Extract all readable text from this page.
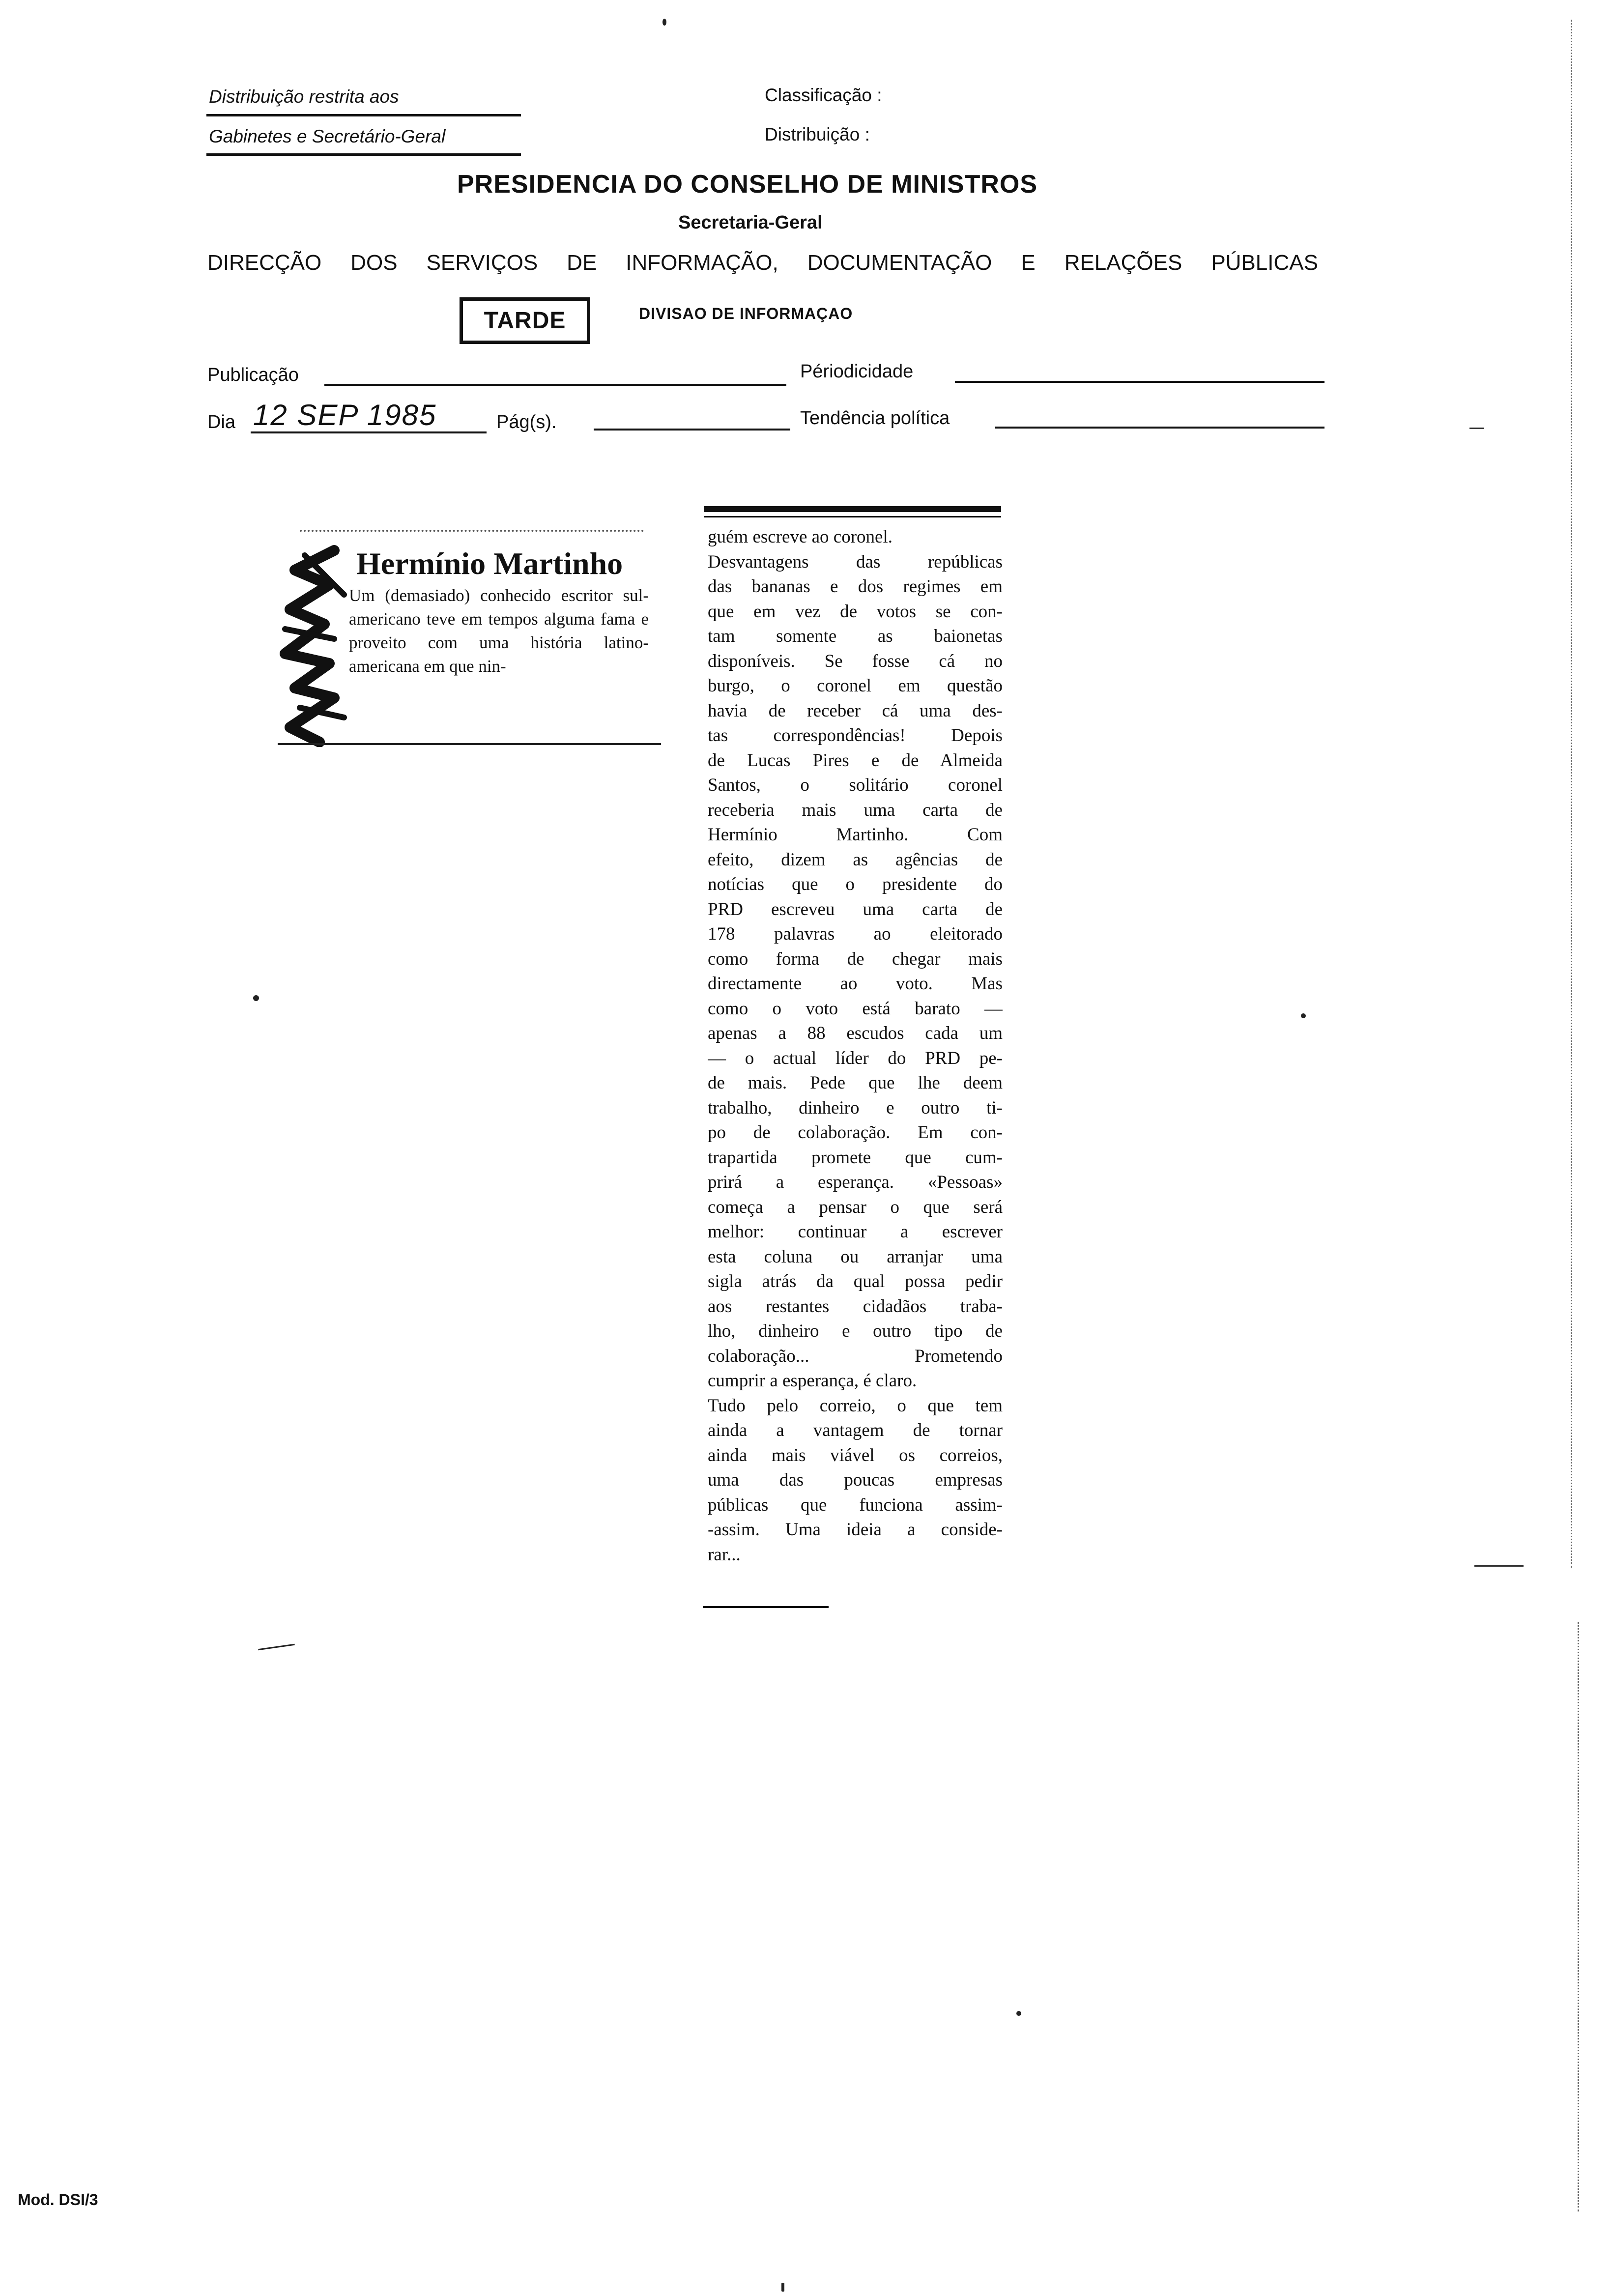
Distribuição restrita aos
Gabinetes e Secretário-Geral
Classificação :
Distribuição :
PRESIDENCIA DO CONSELHO DE MINISTROS
Secretaria-Geral
DIRECÇÃO DOS SERVIÇOS DE INFORMAÇÃO, DOCUMENTAÇÃO E RELAÇÕES PÚBLICAS
TARDE	DIVISAO DE INFORMAÇAO
Publicação	Périodicidade
Dia 12 SEP 1985	Pág(s).	Tendência política
Hermínio Martinho
Um (demasiado) conhecido escritor sul-americano teve em tempos alguma fama e proveito com uma história latino-americana em que nin-
guém escreve ao coronel.
Desvantagens das repúblicas
das bananas e dos regimes em
que em vez de votos se con-
tam somente as baionetas
disponíveis. Se fosse cá no
burgo, o coronel em questão
havia de receber cá uma des-
tas correspondências! Depois
de Lucas Pires e de Almeida
Santos, o solitário coronel
receberia mais uma carta de
Hermínio Martinho. Com
efeito, dizem as agências de
notícias que o presidente do
PRD escreveu uma carta de
178 palavras ao eleitorado
como forma de chegar mais
directamente ao voto. Mas
como o voto está barato —
apenas a 88 escudos cada um
— o actual líder do PRD pe-
de mais. Pede que lhe deem
trabalho, dinheiro e outro ti-
po de colaboração. Em con-
trapartida promete que cum-
prirá a esperança. «Pessoas»
começa a pensar o que será
melhor: continuar a escrever
esta coluna ou arranjar uma
sigla atrás da qual possa pedir
aos restantes cidadãos traba-
lho, dinheiro e outro tipo de
colaboração... Prometendo
cumprir a esperança, é claro.
Tudo pelo correio, o que tem
ainda a vantagem de tornar
ainda mais viável os correios,
uma das poucas empresas
públicas que funciona assim-
-assim. Uma ideia a conside-
rar...
Mod. DSI/3
